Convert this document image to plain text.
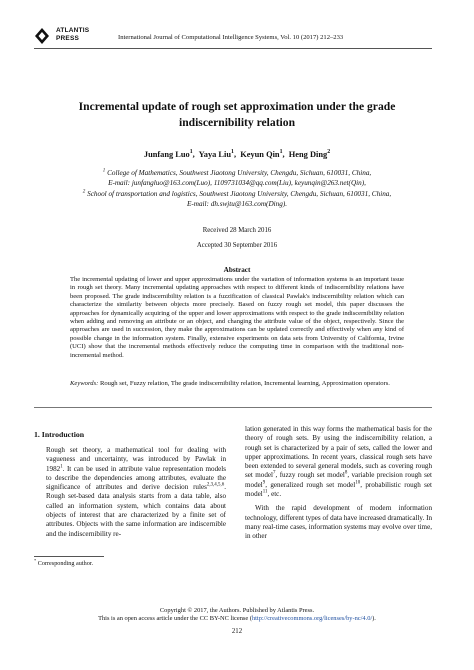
ATLANTIS
PRESS	International Journal of Computational Intelligence Systems, Vol. 10 (2017) 212–233
Incremental update of rough set approximation under the grade
indiscernibility relation
Junfang Luo$^1$,  Yaya Liu$^1$,  Keyun Qin$^1$,  Heng Ding$^2$
$^1$ College of Mathematics, Southwest Jiaotong University, Chengdu, Sichuan, 610031, China,
E-mail: junfangluo@163.com(Luo), 1109731034@qq.com(Liu), keyunqin@263.net(Qin),
$^2$ School of transportation and logistics, Southwest Jiaotong University, Chengdu, Sichuan, 610031, China,
E-mail: dh.swjtu@163.com(Ding).
Received 28 March 2016
Accepted 30 September 2016
Abstract
The incremental updating of lower and upper approximations under the variation of information systems is an important issue in rough set theory. Many incremental updating approaches with respect to different kinds of indiscernibility relations have been proposed. The grade indiscernibility relation is a fuzzification of classical Pawlak's indiscernibility relation which can characterize the similarity between objects more precisely. Based on fuzzy rough set model, this paper discusses the approaches for dynamically acquiring of the upper and lower approximations with respect to the grade indiscernibility relation when adding and removing an attribute or an object, and changing the attribute value of the object, respectively. Since the approaches are used in succession, they make the approximations can be updated correctly and effectively when any kind of possible change in the information system. Finally, extensive experiments on data sets from University of California, Irvine (UCI) show that the incremental methods effectively reduce the computing time in comparison with the traditional non-incremental method.
Keywords: Rough set, Fuzzy relation, The grade indiscernibility relation, Incremental learning, Approximation operators.
1. Introduction

Rough set theory, a mathematical tool for dealing with vagueness and uncertainty, was introduced by Pawlak in 1982$^1$. It can be used in attribute value representation models to describe the dependencies among attributes, evaluate the significance of attributes and derive decision rules$^{2,3,4,5,6}$. Rough set-based data analysis starts from a data table, also called an information system, which contains data about objects of interest that are characterized by a finite set of attributes. Objects with the same information are indiscernible and the indiscernibility re-

lation generated in this way forms the mathematical basis for the theory of rough sets. By using the indiscernibility relation, a rough set is characterized by a pair of sets, called the lower and upper approximations. In recent years, classical rough sets have been extended to several general models, such as covering rough set model$^7$, fuzzy rough set model$^8$, variable precision rough set model$^9$, generalized rough set model$^{10}$, probabilistic rough set model$^{11}$, etc.

With the rapid development of modern information technology, different types of data have increased dramatically. In many real-time cases, information systems may evolve over time, in other

* Corresponding author.
Copyright © 2017, the Authors. Published by Atlantis Press.
This is an open access article under the CC BY-NC license (http://creativecommons.org/licenses/by-nc/4.0/).
212
